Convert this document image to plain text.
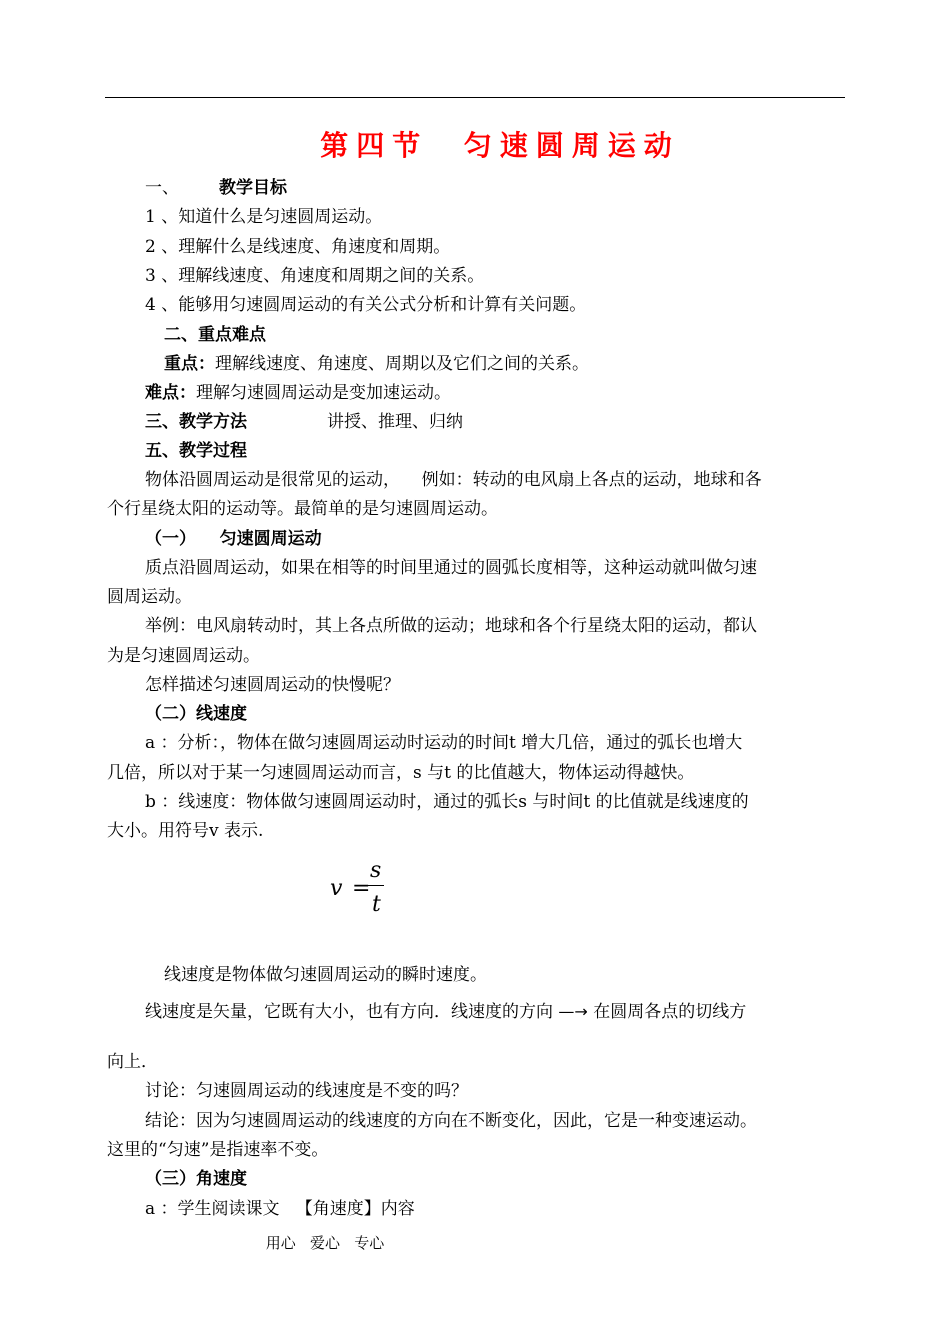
第四节  匀速圆周运动
一、 教学目标
1 、知道什么是匀速圆周运动。
2 、理解什么是线速度、角速度和周期。
3 、理解线速度、角速度和周期之间的关系。
4 、能够用匀速圆周运动的有关公式分析和计算有关问题。
二、重点难点
重点：理解线速度、角速度、周期以及它们之间的关系。
难点：理解匀速圆周运动是变加速运动。
三、教学方法	讲授、推理、归纳
五、教学过程
物体沿圆周运动是很常见的运动，    例如：转动的电风扇上各点的运动，地球和各
个行星绕太阳的运动等。最简单的是匀速圆周运动。
（一）    匀速圆周运动
质点沿圆周运动，如果在相等的时间里通过的圆弧长度相等，这种运动就叫做匀速
圆周运动。
举例：电风扇转动时，其上各点所做的运动；地球和各个行星绕太阳的运动，都认
为是匀速圆周运动。
怎样描述匀速圆周运动的快慢呢？
（二）线速度
a ：分析：，物体在做匀速圆周运动时运动的时间t 增大几倍，通过的弧长也增大
几倍，所以对于某一匀速圆周运动而言，s 与t 的比值越大，物体运动得越快。
b ：线速度：物体做匀速圆周运动时，通过的弧长s 与时间t 的比值就是线速度的
大小。用符号v 表示.
v =
s
t
线速度是物体做匀速圆周运动的瞬时速度。
线速度是矢量，它既有大小，也有方向．线速度的方向 —→ 在圆周各点的切线方
向上．
讨论：匀速圆周运动的线速度是不变的吗？
结论：因为匀速圆周运动的线速度的方向在不断变化，因此，它是一种变速运动。
这里的“匀速”是指速率不变。
（三）角速度
a ：学生阅读课文   【角速度】内容
用心   爱心   专心
